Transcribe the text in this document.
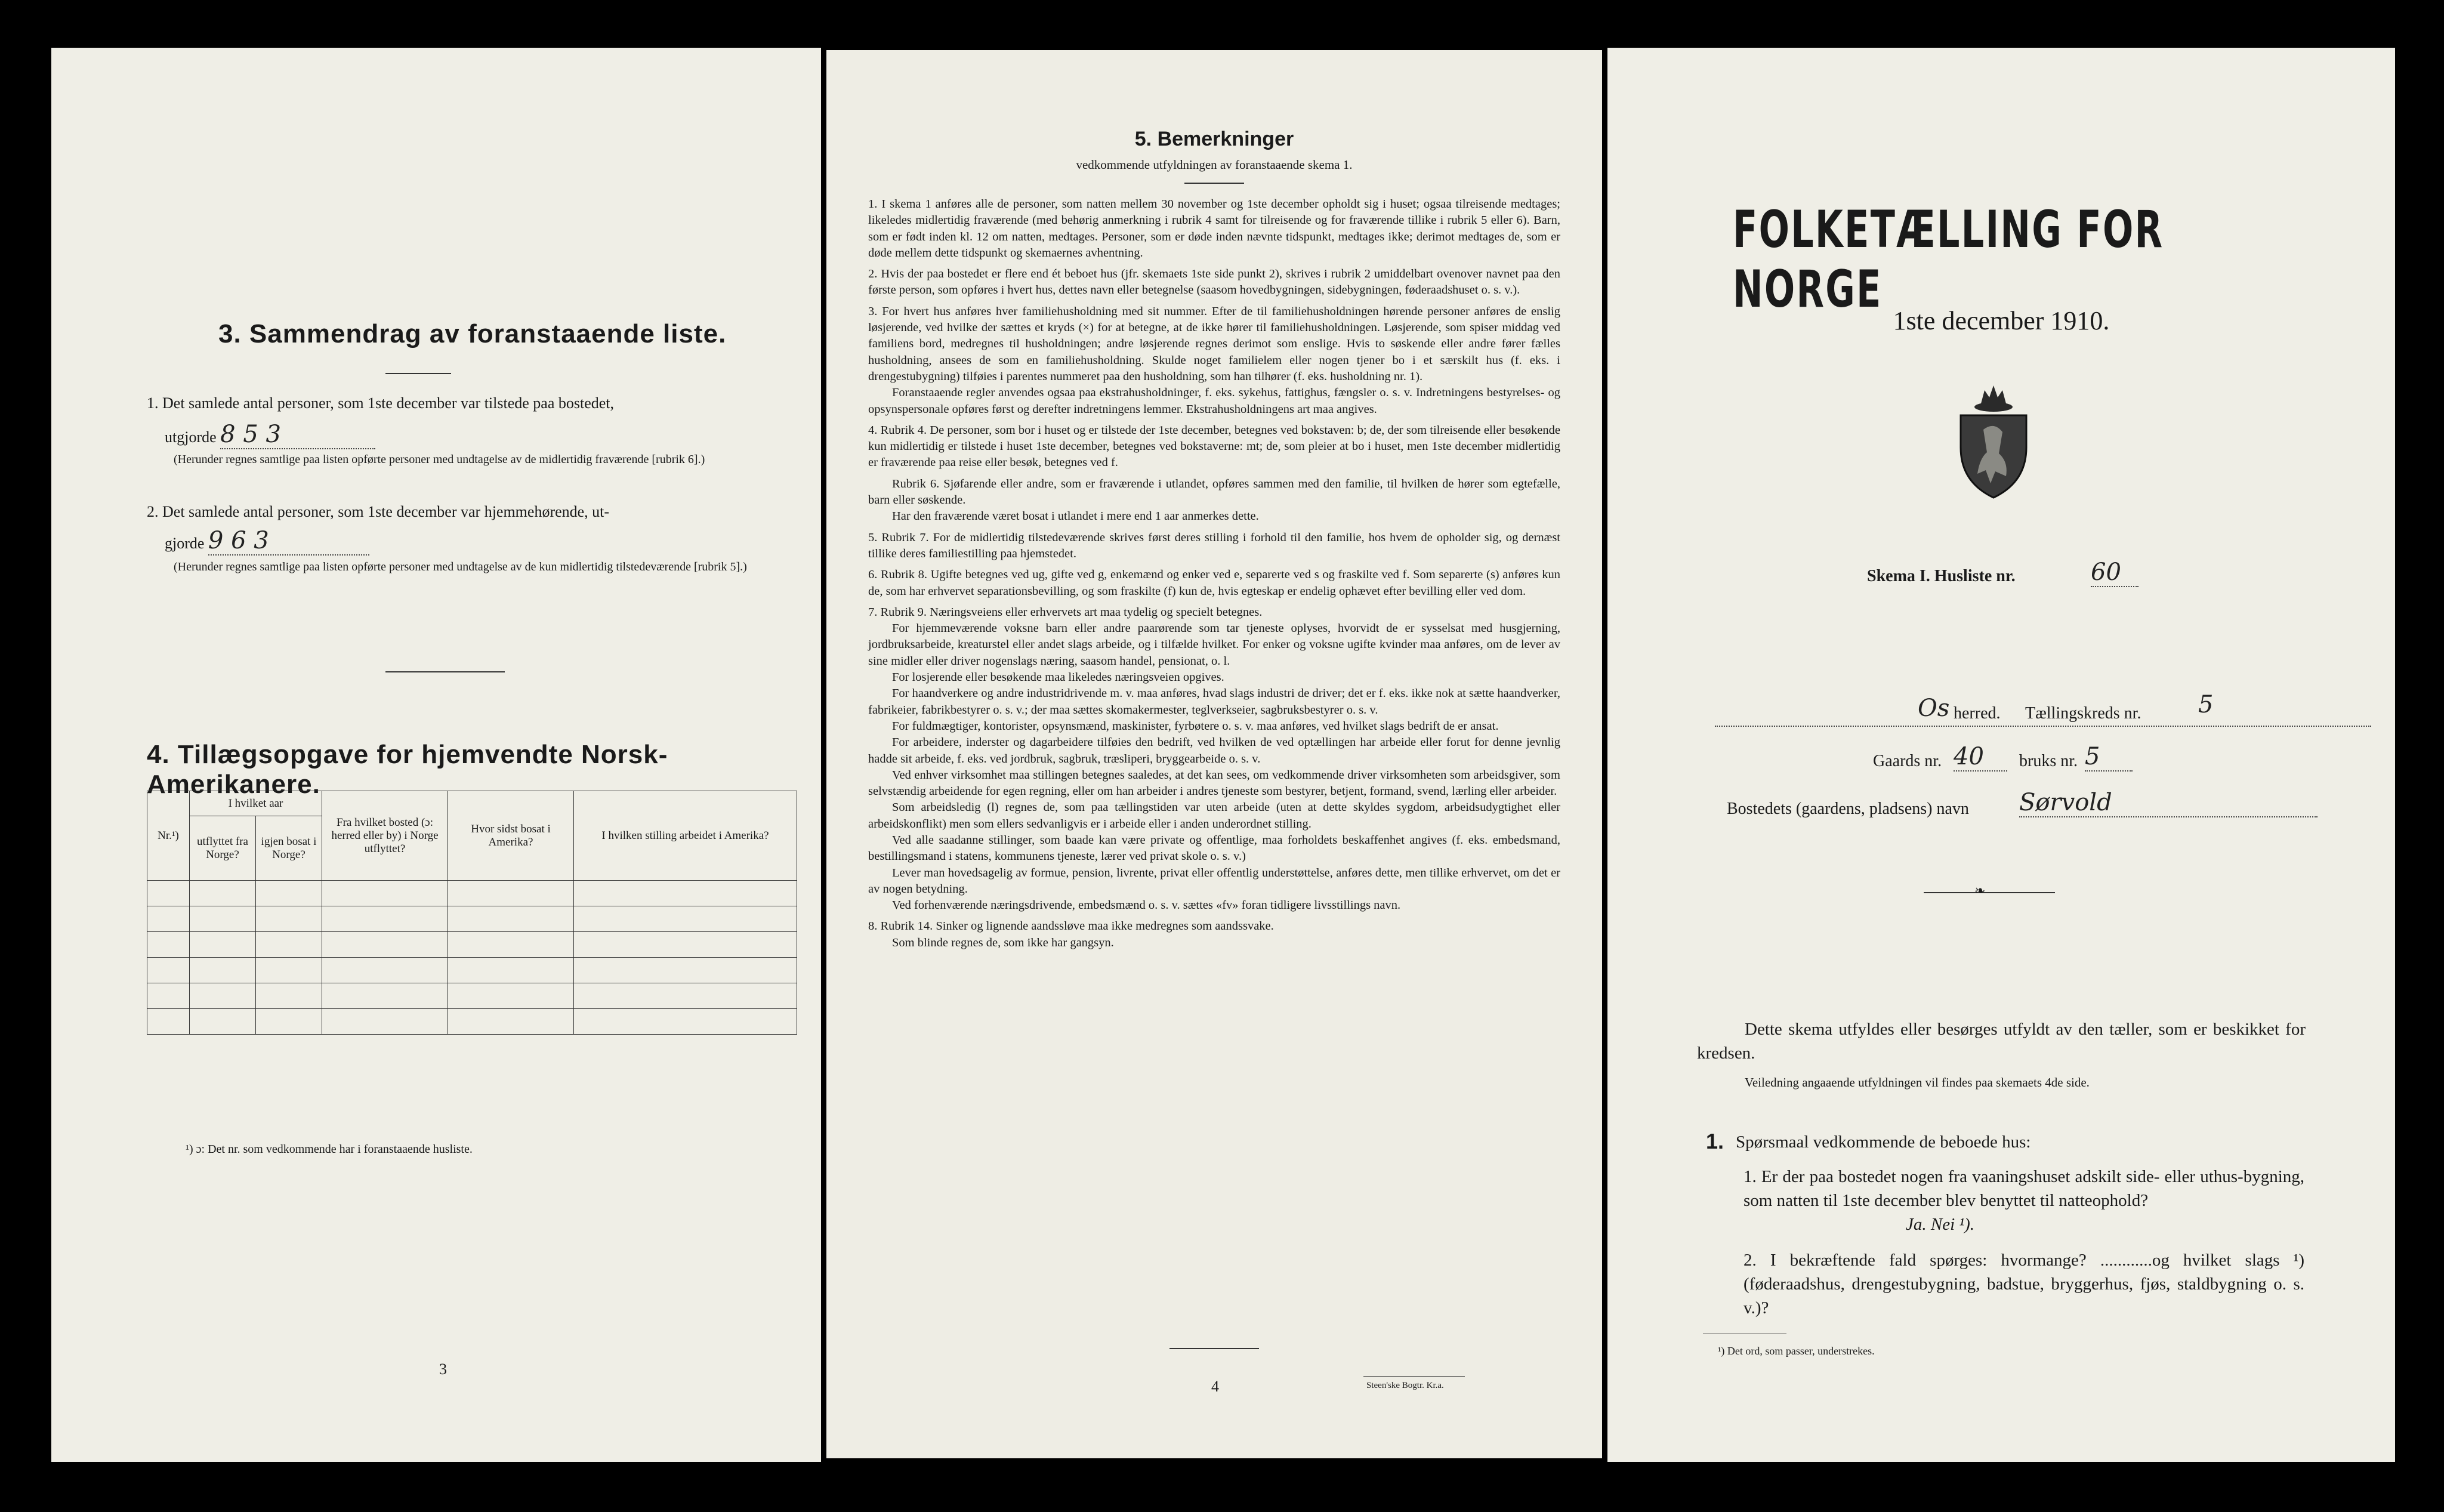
3. Sammendrag av foranstaaende liste.
1. Det samlede antal personer, som 1ste december var tilstede paa bostedet,
utgjorde 8 5 3
(Herunder regnes samtlige paa listen opførte personer med undtagelse av de midlertidig fraværende [rubrik 6].)
2. Det samlede antal personer, som 1ste december var hjemmehørende, ut-
gjorde 9 6 3
(Herunder regnes samtlige paa listen opførte personer med undtagelse av de kun midlertidig tilstedeværende [rubrik 5].)
4. Tillægsopgave for hjemvendte Norsk-Amerikanere.
Nr.¹)	I hvilket aar		Fra hvilket bosted (ɔ: herred eller by) i Norge utflyttet?	Hvor sidst bosat i Amerika?	I hvilken stilling arbeidet i Amerika?
	utflyttet fra Norge?	igjen bosat i Norge?			

¹) ɔ: Det nr. som vedkommende har i foranstaaende husliste.
3
5. Bemerkninger
vedkommende utfyldningen av foranstaaende skema 1.

1. I skema 1 anføres alle de personer, som natten mellem 30 november og 1ste december opholdt sig i huset; ogsaa tilreisende medtages; likeledes midlertidig fraværende (med behørig anmerkning i rubrik 4 samt for tilreisende og for fraværende tillike i rubrik 5 eller 6). Barn, som er født inden kl. 12 om natten, medtages. Personer, som er døde inden nævnte tidspunkt, medtages ikke; derimot medtages de, som er døde mellem dette tidspunkt og skemaernes avhentning.

2. Hvis der paa bostedet er flere end ét beboet hus (jfr. skemaets 1ste side punkt 2), skrives i rubrik 2 umiddelbart ovenover navnet paa den første person, som opføres i hvert hus, dettes navn eller betegnelse (saasom hovedbygningen, sidebygningen, føderaadshuset o. s. v.).

3. For hvert hus anføres hver familiehusholdning med sit nummer. Efter de til familiehusholdningen hørende personer anføres de enslig løsjerende, ved hvilke der sættes et kryds (×) for at betegne, at de ikke hører til familiehusholdningen. Løsjerende, som spiser middag ved familiens bord, medregnes til husholdningen; andre løsjerende regnes derimot som enslige. Hvis to søskende eller andre fører fælles husholdning, ansees de som en familiehusholdning. Skulde noget familielem eller nogen tjener bo i et særskilt hus (f. eks. i drengestubygning) tilføies i parentes nummeret paa den husholdning, som han tilhører (f. eks. husholdning nr. 1).

Foranstaaende regler anvendes ogsaa paa ekstrahusholdninger, f. eks. sykehus, fattighus, fængsler o. s. v. Indretningens bestyrelses- og opsynspersonale opføres først og derefter indretningens lemmer. Ekstrahusholdningens art maa angives.

4. Rubrik 4. De personer, som bor i huset og er tilstede der 1ste december, betegnes ved bokstaven: b; de, der som tilreisende eller besøkende kun midlertidig er tilstede i huset 1ste december, betegnes ved bokstaverne: mt; de, som pleier at bo i huset, men 1ste december midlertidig er fraværende paa reise eller besøk, betegnes ved f.

Rubrik 6. Sjøfarende eller andre, som er fraværende i utlandet, opføres sammen med den familie, til hvilken de hører som egtefælle, barn eller søskende.

Har den fraværende været bosat i utlandet i mere end 1 aar anmerkes dette.

5. Rubrik 7. For de midlertidig tilstedeværende skrives først deres stilling i forhold til den familie, hos hvem de opholder sig, og dernæst tillike deres familiestilling paa hjemstedet.

6. Rubrik 8. Ugifte betegnes ved ug, gifte ved g, enkemænd og enker ved e, separerte ved s og fraskilte ved f. Som separerte (s) anføres kun de, som har erhvervet separationsbevilling, og som fraskilte (f) kun de, hvis egteskap er endelig ophævet efter bevilling eller ved dom.

7. Rubrik 9. Næringsveiens eller erhvervets art maa tydelig og specielt betegnes.

For hjemmeværende voksne barn eller andre paarørende som tar tjeneste oplyses, hvorvidt de er sysselsat med husgjerning, jordbruksarbeide, kreaturstel eller andet slags arbeide, og i tilfælde hvilket. For enker og voksne ugifte kvinder maa anføres, om de lever av sine midler eller driver nogenslags næring, saasom handel, pensionat, o. l.

For losjerende eller besøkende maa likeledes næringsveien opgives.

For haandverkere og andre industridrivende m. v. maa anføres, hvad slags industri de driver; det er f. eks. ikke nok at sætte haandverker, fabrikeier, fabrikbestyrer o. s. v.; der maa sættes skomakermester, teglverkseier, sagbruksbestyrer o. s. v.

For fuldmægtiger, kontorister, opsynsmænd, maskinister, fyrbøtere o. s. v. maa anføres, ved hvilket slags bedrift de er ansat.

For arbeidere, inderster og dagarbeidere tilføies den bedrift, ved hvilken de ved optællingen har arbeide eller forut for denne jevnlig hadde sit arbeide, f. eks. ved jordbruk, sagbruk, træsliperi, bryggearbeide o. s. v.

Ved enhver virksomhet maa stillingen betegnes saaledes, at det kan sees, om vedkommende driver virksomheten som arbeidsgiver, som selvstændig arbeidende for egen regning, eller om han arbeider i andres tjeneste som bestyrer, betjent, formand, svend, lærling eller arbeider.

Som arbeidsledig (l) regnes de, som paa tællingstiden var uten arbeide (uten at dette skyldes sygdom, arbeidsudygtighet eller arbeidskonflikt) men som ellers sedvanligvis er i arbeide eller i anden underordnet stilling.

Ved alle saadanne stillinger, som baade kan være private og offentlige, maa forholdets beskaffenhet angives (f. eks. embedsmand, bestillingsmand i statens, kommunens tjeneste, lærer ved privat skole o. s. v.)

Lever man hovedsagelig av formue, pension, livrente, privat eller offentlig understøttelse, anføres dette, men tillike erhvervet, om det er av nogen betydning.

Ved forhenværende næringsdrivende, embedsmænd o. s. v. sættes «fv» foran tidligere livsstillings navn.

8. Rubrik 14. Sinker og lignende aandssløve maa ikke medregnes som aandssvake.

Som blinde regnes de, som ikke har gangsyn.

4	Steen'ske Bogtr. Kr.a.
FOLKETÆLLING FOR NORGE
1ste december 1910.
Skema I. Husliste nr.	60
Os herred. Tællingskreds nr. 5
Gaards nr. 40	bruks nr. 5
Bostedets (gaardens, pladsens) navn Sørvold
❧
Dette skema utfyldes eller besørges utfyldt av den tæller, som er beskikket for kredsen.
Veiledning angaaende utfyldningen vil findes paa skemaets 4de side.
1. Spørsmaal vedkommende de beboede hus:
1. Er der paa bostedet nogen fra vaaningshuset adskilt side- eller uthus-bygning, som natten til 1ste december blev benyttet til natteophold?
Ja. Nei ¹).
2. I bekræftende fald spørges: hvormange? ............og hvilket slags ¹) (føderaadshus, drengestubygning, badstue, bryggerhus, fjøs, staldbygning o. s. v.)?
¹) Det ord, som passer, understrekes.
